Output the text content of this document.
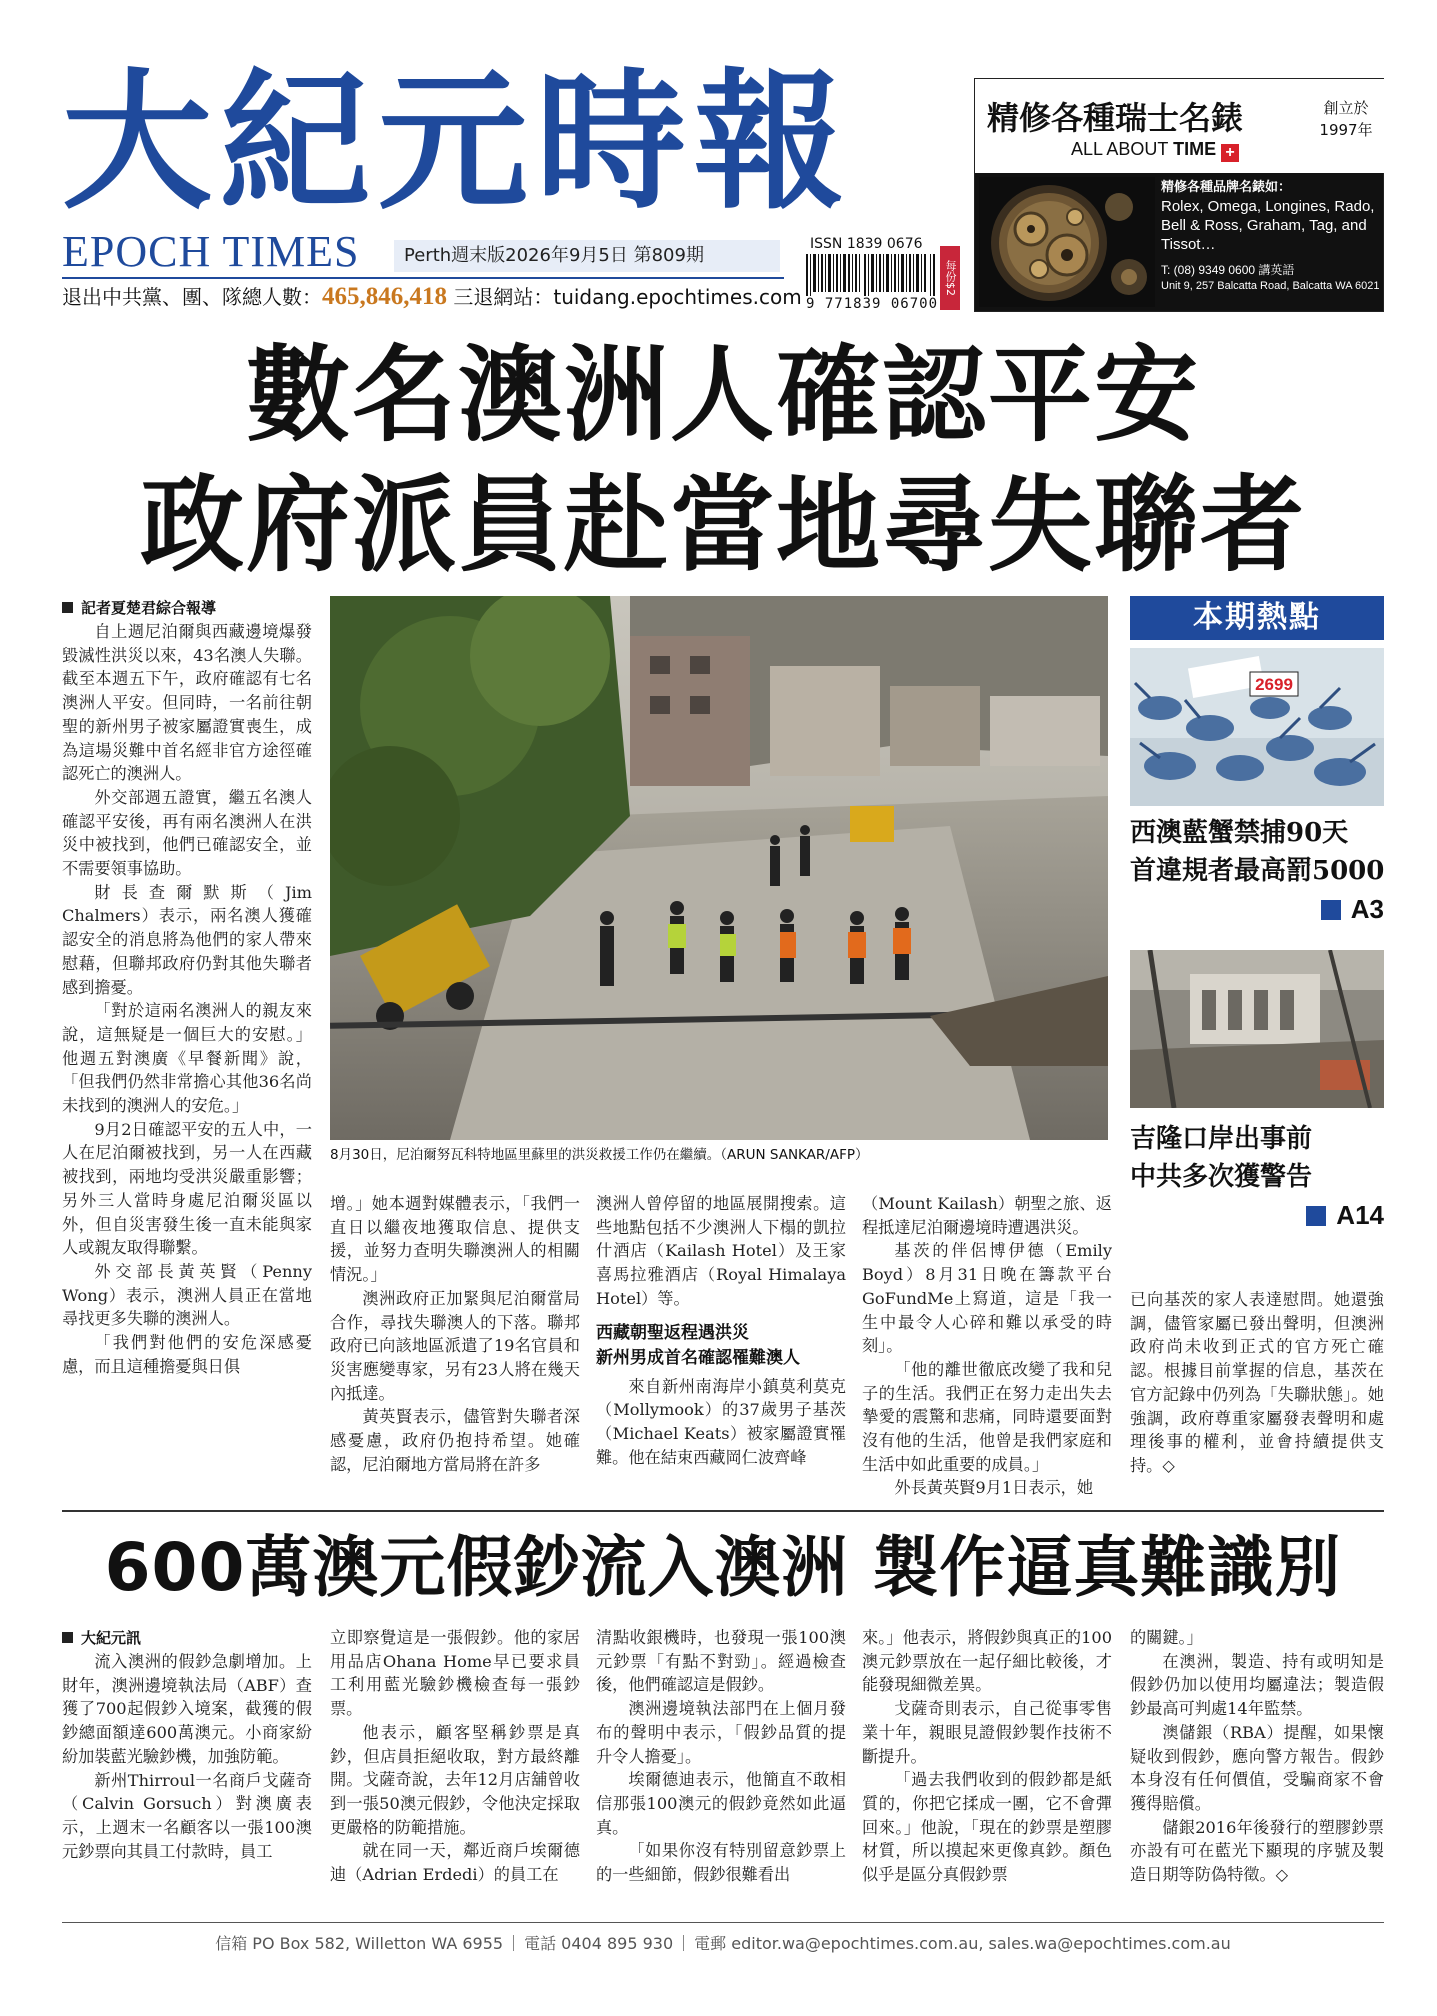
大紀元時報
EPOCH TIMES	Perth週末版2026年9月5日 第809期
退出中共黨、團、隊總人數：465,846,418 三退網站：tuidang.epochtimes.com
ISSN 1839 0676
9 771839 06700
每份$2
精修各種瑞士名錶
ALL ABOUT TIME +
創立於
1997年
精修各種品牌名錶如：
Rolex, Omega, Longines, Rado, Bell & Ross, Graham, Tag, and Tissot…
T: (08) 9349 0600 講英語
Unit 9, 257 Balcatta Road, Balcatta WA 6021
數名澳洲人確認平安
政府派員赴當地尋失聯者
記者夏楚君綜合報導

自上週尼泊爾與西藏邊境爆發毀滅性洪災以來，43名澳人失聯。截至本週五下午，政府確認有七名澳洲人平安。但同時，一名前往朝聖的新州男子被家屬證實喪生，成為這場災難中首名經非官方途徑確認死亡的澳洲人。

外交部週五證實，繼五名澳人確認平安後，再有兩名澳洲人在洪災中被找到，他們已確認安全，並不需要領事協助。

財長查爾默斯（Jim Chalmers）表示，兩名澳人獲確認安全的消息將為他們的家人帶來慰藉，但聯邦政府仍對其他失聯者感到擔憂。

「對於這兩名澳洲人的親友來說，這無疑是一個巨大的安慰。」他週五對澳廣《早餐新聞》說，「但我們仍然非常擔心其他36名尚未找到的澳洲人的安危。」

9月2日確認平安的五人中，一人在尼泊爾被找到，另一人在西藏被找到，兩地均受洪災嚴重影響；另外三人當時身處尼泊爾災區以外，但自災害發生後一直未能與家人或親友取得聯繫。

外交部長黃英賢（Penny Wong）表示，澳洲人員正在當地尋找更多失聯的澳洲人。

「我們對他們的安危深感憂慮，而且這種擔憂與日俱

8月30日，尼泊爾努瓦科特地區里蘇里的洪災救援工作仍在繼續。（ARUN SANKAR/AFP）

增。」她本週對媒體表示，「我們一直日以繼夜地獲取信息、提供支援，並努力查明失聯澳洲人的相關情況。」

澳洲政府正加緊與尼泊爾當局合作，尋找失聯澳人的下落。聯邦政府已向該地區派遣了19名官員和災害應變專家，另有23人將在幾天內抵達。

黃英賢表示，儘管對失聯者深感憂慮，政府仍抱持希望。她確認，尼泊爾地方當局將在許多

澳洲人曾停留的地區展開搜索。這些地點包括不少澳洲人下榻的凱拉什酒店（Kailash Hotel）及王家喜馬拉雅酒店（Royal Himalaya Hotel）等。

西藏朝聖返程遇洪災
新州男成首名確認罹難澳人

來自新州南海岸小鎮莫利莫克（Mollymook）的37歲男子基茨（Michael Keats）被家屬證實罹難。他在結束西藏岡仁波齊峰

（Mount Kailash）朝聖之旅、返程抵達尼泊爾邊境時遭遇洪災。

基茨的伴侶博伊德（Emily Boyd）8月31日晚在籌款平台GoFundMe上寫道，這是「我一生中最令人心碎和難以承受的時刻」。

「他的離世徹底改變了我和兒子的生活。我們正在努力走出失去摯愛的震驚和悲痛，同時還要面對沒有他的生活，他曾是我們家庭和生活中如此重要的成員。」

外長黃英賢9月1日表示，她

已向基茨的家人表達慰問。她還強調，儘管家屬已發出聲明，但澳洲政府尚未收到正式的官方死亡確認。根據目前掌握的信息，基茨在官方記錄中仍列為「失聯狀態」。她強調，政府尊重家屬發表聲明和處理後事的權利，並會持續提供支持。◇

本期熱點
2699
西澳藍蟹禁捕90天
首違規者最高罰5000
A3
吉隆口岸出事前
中共多次獲警告
A14
600萬澳元假鈔流入澳洲 製作逼真難識別
大紀元訊

流入澳洲的假鈔急劇增加。上財年，澳洲邊境執法局（ABF）查獲了700起假鈔入境案，截獲的假鈔總面額達600萬澳元。小商家紛紛加裝藍光驗鈔機，加強防範。

新州Thirroul一名商戶戈薩奇（Calvin Gorsuch）對澳廣表示，上週末一名顧客以一張100澳元鈔票向其員工付款時，員工

立即察覺這是一張假鈔。他的家居用品店Ohana Home早已要求員工利用藍光驗鈔機檢查每一張鈔票。

他表示，顧客堅稱鈔票是真鈔，但店員拒絕收取，對方最終離開。戈薩奇說，去年12月店舖曾收到一張50澳元假鈔，令他決定採取更嚴格的防範措施。

就在同一天，鄰近商戶埃爾德迪（Adrian Erdedi）的員工在

清點收銀機時，也發現一張100澳元鈔票「有點不對勁」。經過檢查後，他們確認這是假鈔。

澳洲邊境執法部門在上個月發布的聲明中表示，「假鈔品質的提升令人擔憂」。

埃爾德迪表示，他簡直不敢相信那張100澳元的假鈔竟然如此逼真。

「如果你沒有特別留意鈔票上的一些細節，假鈔很難看出

來。」他表示，將假鈔與真正的100澳元鈔票放在一起仔細比較後，才能發現細微差異。

戈薩奇則表示，自己從事零售業十年，親眼見證假鈔製作技術不斷提升。

「過去我們收到的假鈔都是紙質的，你把它揉成一團，它不會彈回來。」他說，「現在的鈔票是塑膠材質，所以摸起來更像真鈔。顏色似乎是區分真假鈔票

的關鍵。」

在澳洲，製造、持有或明知是假鈔仍加以使用均屬違法；製造假鈔最高可判處14年監禁。

澳儲銀（RBA）提醒，如果懷疑收到假鈔，應向警方報告。假鈔本身沒有任何價值，受騙商家不會獲得賠償。

儲銀2016年後發行的塑膠鈔票亦設有可在藍光下顯現的序號及製造日期等防偽特徵。◇

信箱 PO Box 582, Willetton WA 6955 電話 0404 895 930 電郵 editor.wa@epochtimes.com.au, sales.wa@epochtimes.com.au
